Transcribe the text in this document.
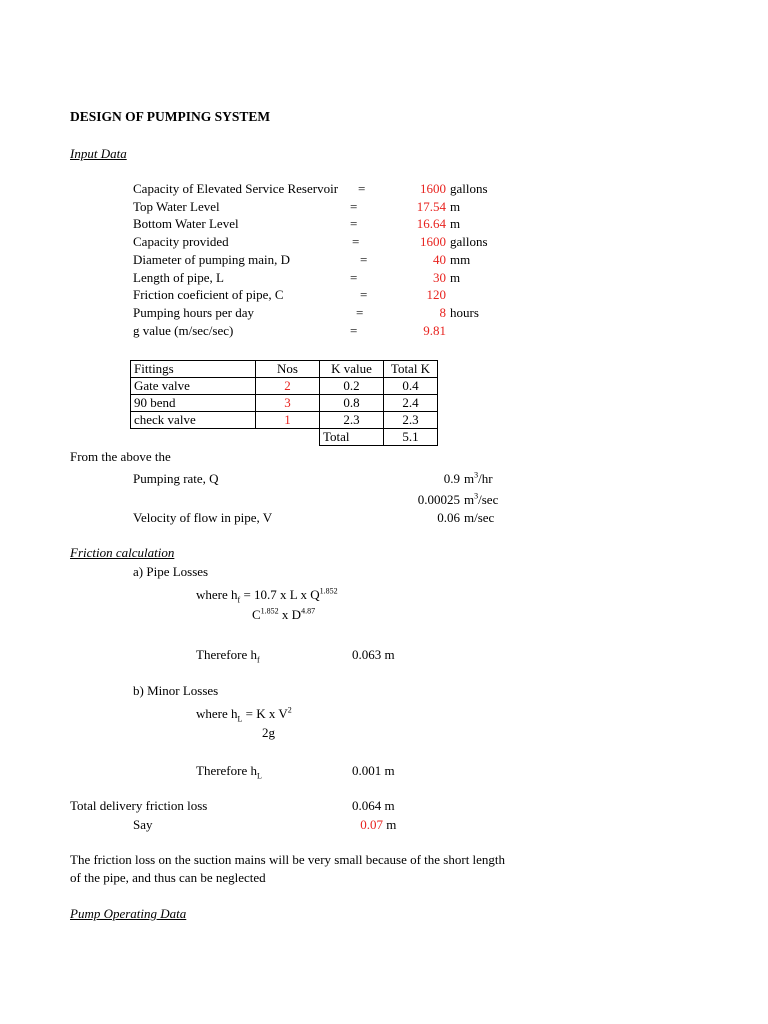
DESIGN OF PUMPING SYSTEM
Input Data
Capacity of Elevated Service Reservoir =	1600 gallons
Top Water Level	=	17.54 m
Bottom Water Level	=	16.64 m
Capacity provided	=	1600 gallons
Diameter of pumping main, D	=	40 mm
Length of pipe, L	=	30 m
Friction coeficient of pipe, C	=	120
Pumping hours per day	=	8 hours
g value (m/sec/sec)	=	9.81
Fittings	Nos	K value	Total K
Gate valve	2	0.2	0.4
90 bend	3	0.8	2.4
check valve	1	2.3	2.3
		Total	5.1
From the above the
Pumping rate, Q	0.9 $m^3/hr$
0.00025 $m^3/\sec$
Velocity of flow in pipe, V	0.06 m/sec
Friction calculation
a) Pipe Losses
where $h_f = 10.7$ x L x $Q^{1.852}$
$C^{1.852}$ x $D^{4.87}$
Therefore $h_f$	0.063 m
b) Minor Losses
where $h_L = K$ x $V^2$
2g
Therefore $h_L$	0.001 m
Total delivery friction loss	0.064 m
Say	0.07 m
The friction loss on the suction mains will be very small because of the short length
of the pipe, and thus can be neglected
Pump Operating Data
